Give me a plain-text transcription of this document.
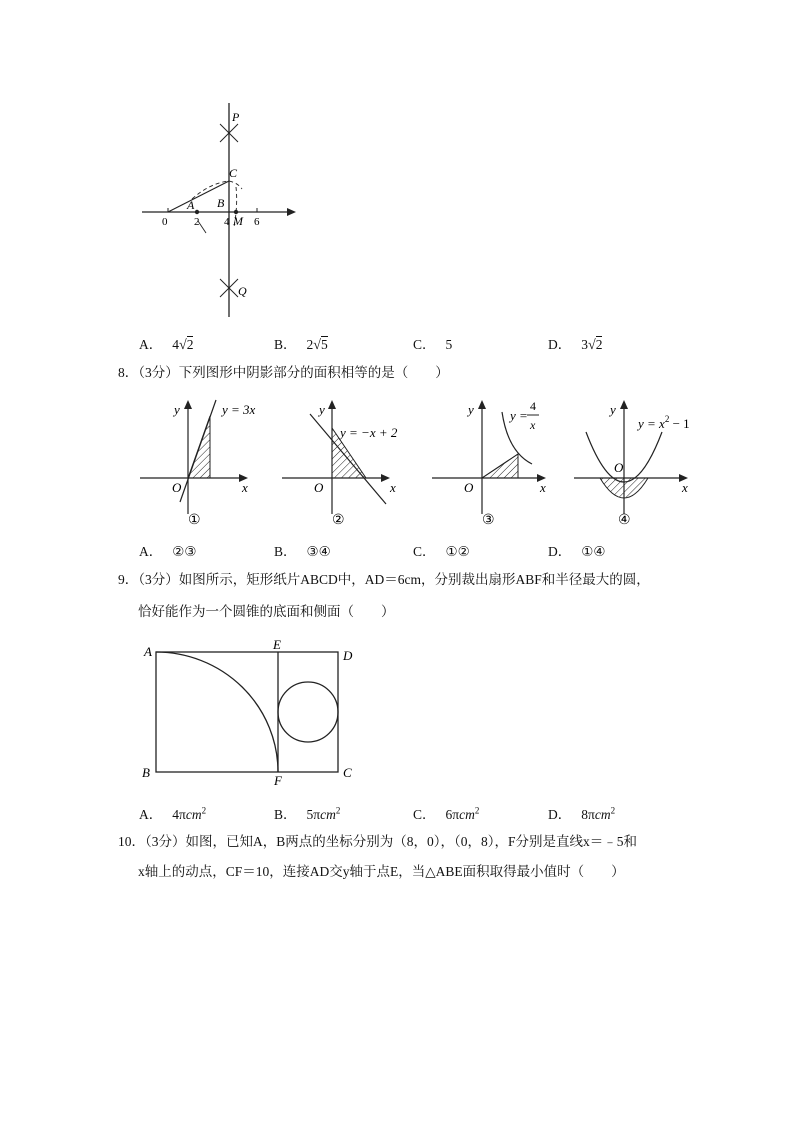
P
C
A B
M
Q
0 2 4 6
A． 4√2	B． 2√5	C． 5	D． 3√2
8．（3分）下列图形中阴影部分的面积相等的是（　　）
y
x
O
y = 3x
①
y
x
O
y = −x + 2
②
y
x
O
y =
4
x
③
y
x
O
$y = x^2 - 1$
④
A． ②③	B． ③④	C． ①②	D． ①④
9．（3分）如图所示，矩形纸片ABCD中，AD＝6cm，分别裁出扇形ABF和半径最大的圆，
恰好能作为一个圆锥的底面和侧面（　　）
A	E
D
B
F
C
A． 4πcm$^2$	B． 5πcm$^2$	C． 6πcm$^2$	D． 8πcm$^2$
10．（3分）如图，已知A，B两点的坐标分别为（8，0），（0，8），F分别是直线x＝﹣5和
x轴上的动点，CF＝10，连接AD交y轴于点E，当△ABE面积取得最小值时（　　）
